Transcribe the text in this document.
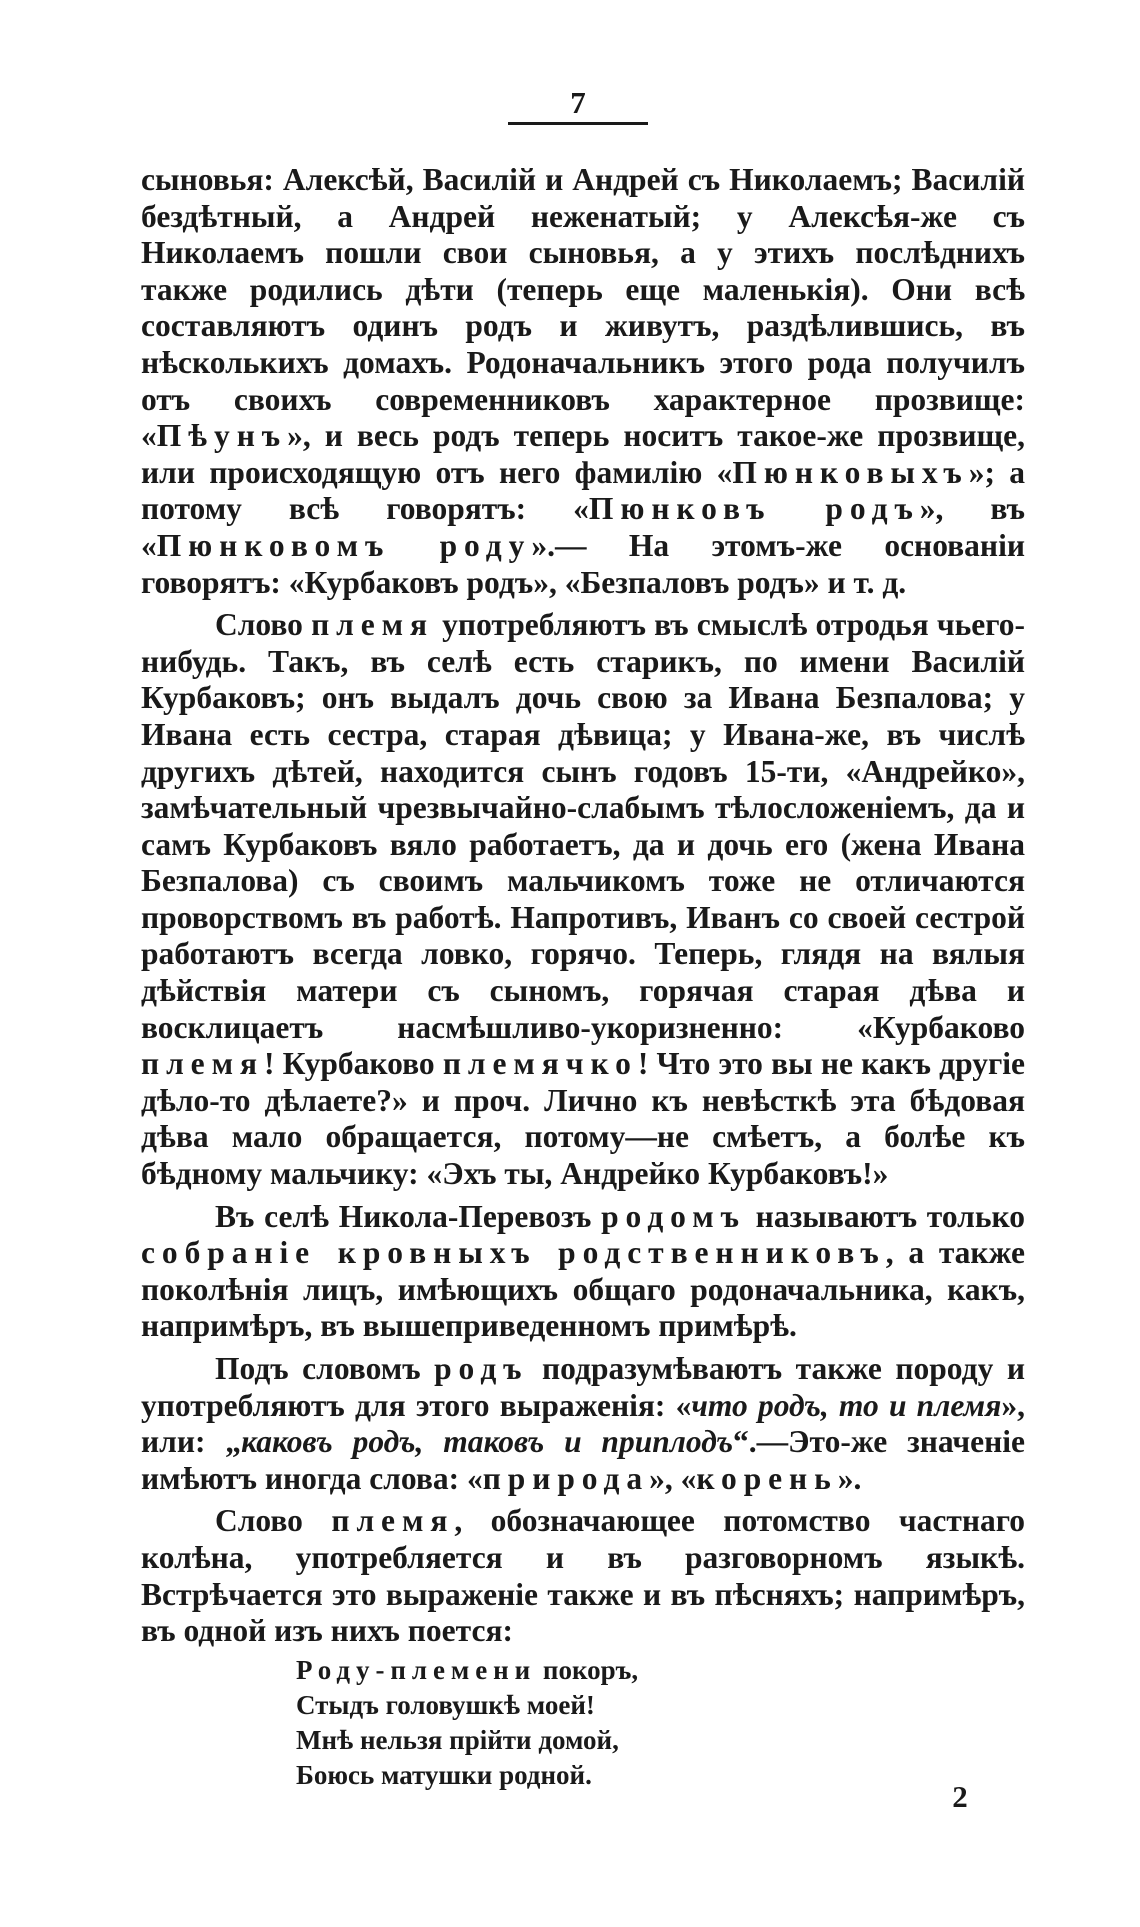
7

сыновья: Алексѣй, Василій и Андрей съ Николаемъ; Василій бездѣтный, а Андрей неженатый; у Алексѣя-же съ Николаемъ пошли свои сыновья, а у этихъ послѣднихъ также родились дѣти (теперь еще маленькія). Они всѣ составляютъ одинъ родъ и живутъ, раздѣлившись, въ нѣсколькихъ домахъ. Родоначальникъ этого рода получилъ отъ своихъ современниковъ характерное прозвище: «Пѣунъ», и весь родъ теперь носитъ такое-же прозвище, или происходящую отъ него фамилію «Пюнковыхъ»; а потому всѣ говорятъ: «Пюнковъ родъ», въ «Пюнковомъ роду».— На этомъ-же основаніи говорятъ: «Курбаковъ родъ», «Безпаловъ родъ» и т. д.

Слово племя употребляютъ въ смыслѣ отродья чьего-нибудь. Такъ, въ селѣ есть старикъ, по имени Василій Курбаковъ; онъ выдалъ дочь свою за Ивана Безпалова; у Ивана есть сестра, старая дѣвица; у Ивана-же, въ числѣ другихъ дѣтей, находится сынъ годовъ 15-ти, «Андрейко», замѣчательный чрезвычайно-слабымъ тѣлосложеніемъ, да и самъ Курбаковъ вяло работаетъ, да и дочь его (жена Ивана Безпалова) съ своимъ мальчикомъ тоже не отличаются проворствомъ въ работѣ. Напротивъ, Иванъ со своей сестрой работаютъ всегда ловко, горячо. Теперь, глядя на вялыя дѣйствія матери съ сыномъ, горячая старая дѣва и восклицаетъ насмѣшливо-укоризненно: «Курбаково племя! Курбаково племячко! Что это вы не какъ другіе дѣло-то дѣлаете?» и проч. Лично къ невѣсткѣ эта бѣдовая дѣва мало обращается, потому—не смѣетъ, а болѣе къ бѣдному мальчику: «Эхъ ты, Андрейко Курбаковъ!»

Въ селѣ Никола-Перевозъ родомъ называютъ только собраніе кровныхъ родственниковъ, а также поколѣнія лицъ, имѣющихъ общаго родоначальника, какъ, напримѣръ, въ вышеприведенномъ примѣрѣ.

Подъ словомъ родъ подразумѣваютъ также породу и употребляютъ для этого выраженія: «что родъ, то и племя», или: „каковъ родъ, таковъ и приплодъ“.—Это-же значеніе имѣютъ иногда слова: «природа», «корень».

Слово племя, обозначающее потомство частнаго колѣна, употребляется и въ разговорномъ языкѣ. Встрѣчается это выраженіе также и въ пѣсняхъ; напримѣръ, въ одной изъ нихъ поется:

Роду-племени покоръ,
Стыдъ головушкѣ моей!
Мнѣ нельзя прійти домой,
Боюсь матушки родной.
2
